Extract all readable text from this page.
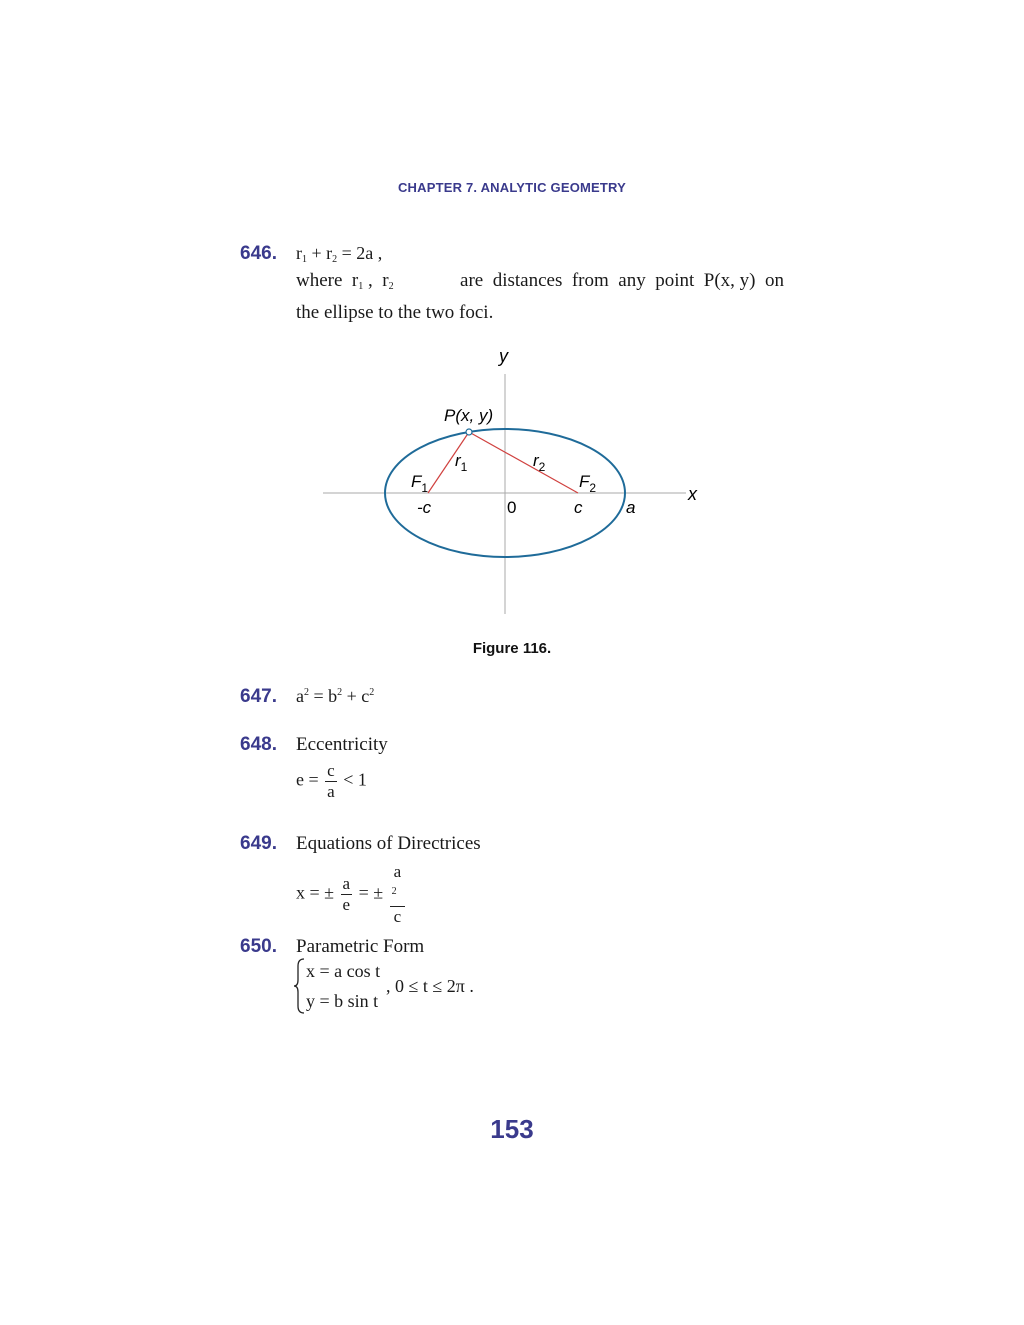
CHAPTER 7. ANALYTIC GEOMETRY
646. $r_1 + r_2 = 2a$ ,
where  $r_1$ ,  $r_2$	are  distances  from  any  point  P(x, y)  on
the ellipse to the two foci.
y
x
P(x, y)
$r_1$	$r_2$
$F_1$	$F_2$
-c	0	c	a
Figure 116.
647. $a^2 = b^2 + c^2$
648. Eccentricity
$e = \frac{c}{a} < 1$
649. Equations of Directrices
x = ± $\frac{a}{e}$ = ± a
$^2$
c
650. Parametric Form
x = a cos t
y = b sin t
, 0 ≤ t ≤ 2π .
153
